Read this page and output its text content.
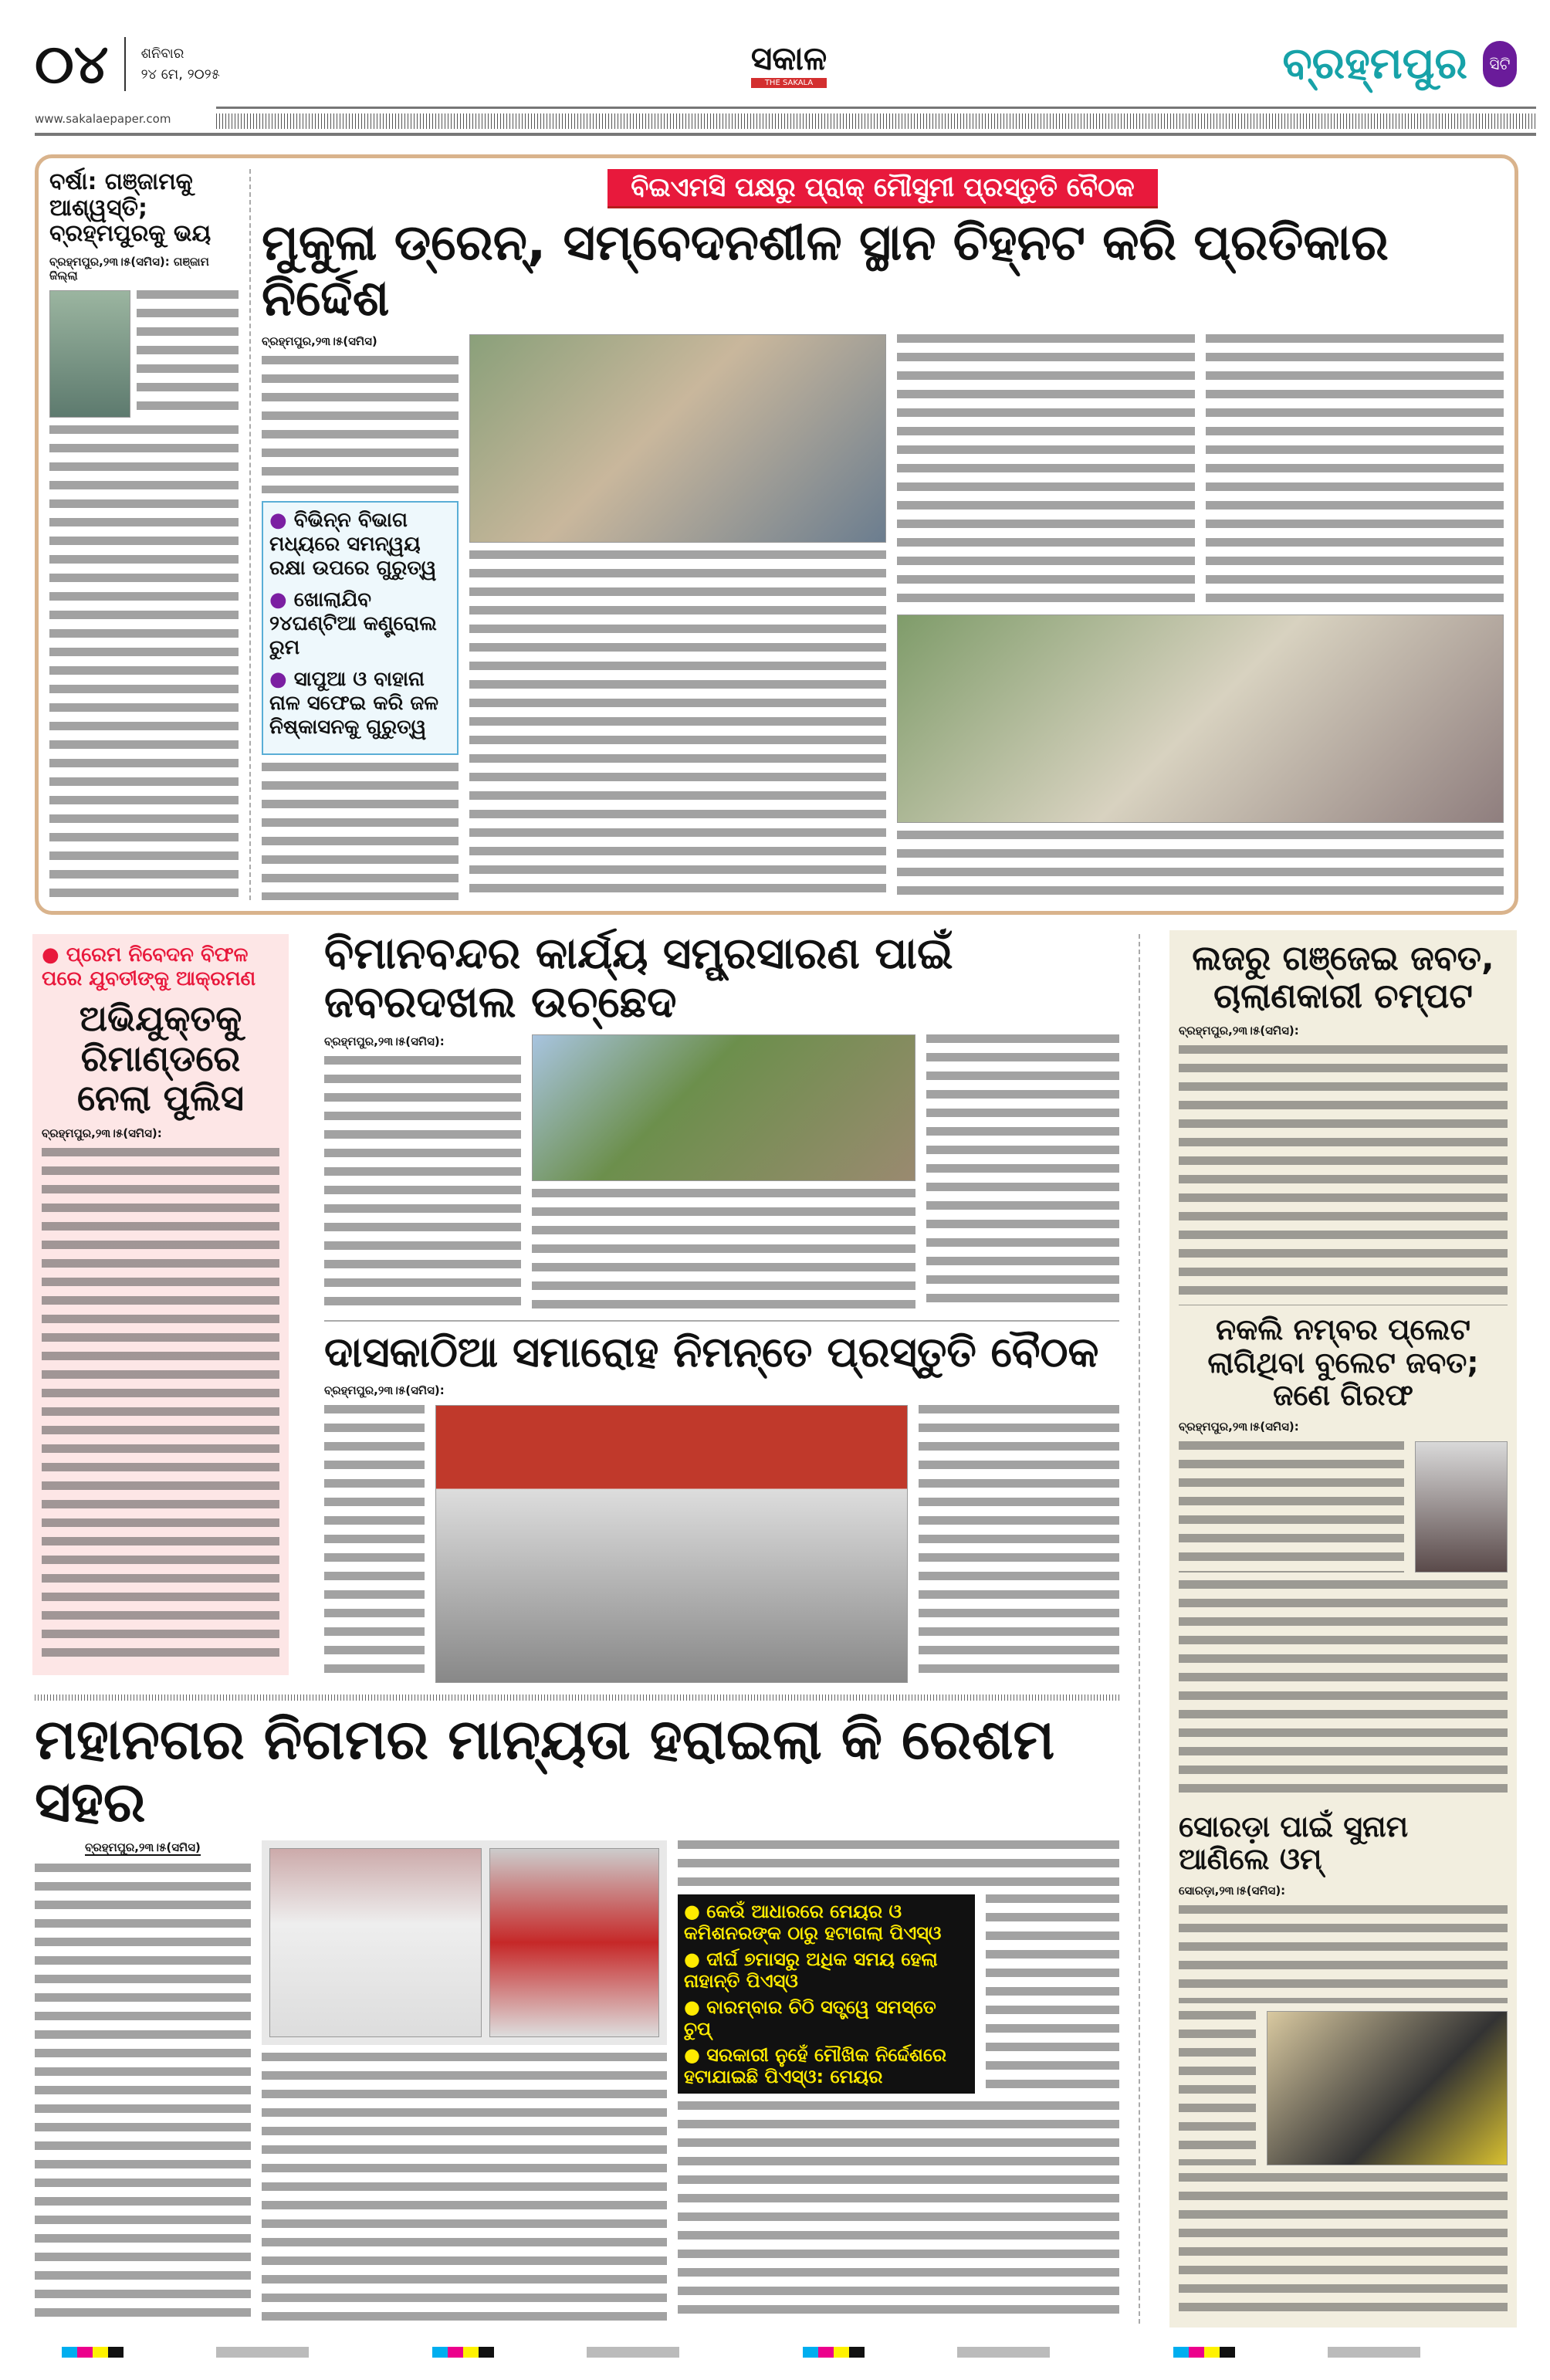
୦୪ ଶନିବାର
୨୪ ମେ, ୨୦୨୫	ସକାଳ
THE SAKALA	ବ୍ରହ୍ମପୁର	ସିଟି
www.sakalaepaper.com
ବର୍ଷା: ଗଞ୍ଜାମକୁ ଆଶ୍ୱସ୍ତି; ବ୍ରହ୍ମପୁରକୁ ଭୟ
ବ୍ରହ୍ମପୁର,୨୩।୫(ସମିସ): ଗଞ୍ଜାମ ଜିଲ୍ଲା
ବିଇଏମସି ପକ୍ଷରୁ ପ୍ରାକ୍ ମୌସୁମୀ ପ୍ରସ୍ତୁତି ବୈଠକ
ମୁକୁଳା ଡ୍ରେନ୍, ସମ୍ବେଦନଶୀଳ ସ୍ଥାନ ଚିହ୍ନଟ କରି ପ୍ରତିକାର ନିର୍ଦ୍ଦେଶ
ବ୍ରହ୍ମପୁର,୨୩।୫(ସମିସ)
● ବିଭିନ୍ନ ବିଭାଗ ମଧ୍ୟରେ ସମନ୍ୱୟ ରକ୍ଷା ଉପରେ ଗୁରୁତ୍ୱ
● ଖୋଲାଯିବ ୨୪ଘଣ୍ଟିଆ କଣ୍ଟ୍ରୋଲ ରୁମ
● ସାପୁଆ ଓ ବାହାନା ନାଳ ସଫେଇ କରି ଜଳ ନିଷ୍କାସନକୁ ଗୁରୁତ୍ୱ
● ପ୍ରେମ ନିବେଦନ ବିଫଳ ପରେ ଯୁବତୀଙ୍କୁ ଆକ୍ରମଣ
ଅଭିଯୁକ୍ତକୁ ରିମାଣ୍ଡରେ ନେଲା ପୁଲିସ
ବ୍ରହ୍ମପୁର,୨୩।୫(ସମିସ):
ବିମାନବନ୍ଦର କାର୍ଯ୍ୟ ସମ୍ପ୍ରସାରଣ ପାଇଁ ଜବରଦଖଲ ଉଚ୍ଛେଦ
ବ୍ରହ୍ମପୁର,୨୩।୫(ସମିସ):
ଦାସକାଠିଆ ସମାରୋହ ନିମନ୍ତେ ପ୍ରସ୍ତୁତି ବୈଠକ
ବ୍ରହ୍ମପୁର,୨୩।୫(ସମିସ):
ଲଜରୁ ଗଞ୍ଜେଇ ଜବତ, ଚାଲାଣକାରୀ ଚମ୍ପଟ
ବ୍ରହ୍ମପୁର,୨୩।୫(ସମିସ):
ନକଲି ନମ୍ବର ପ୍ଲେଟ ଲାଗିଥିବା ବୁଲେଟ ଜବତ; ଜଣେ ଗିରଫ
ବ୍ରହ୍ମପୁର,୨୩।୫(ସମିସ):
ସୋରଡ଼ା ପାଇଁ ସୁନାମ ଆଣିଲେ ଓମ୍
ସୋରଡ଼ା,୨୩।୫(ସମିସ):
ମହାନଗର ନିଗମର ମାନ୍ୟତା ହରାଇଲା କି ରେଶମ ସହର
ବ୍ରହ୍ମପୁର,୨୩।୫(ସମିସ)
● କେଉଁ ଆଧାରରେ ମେୟର ଓ କମିଶନରଙ୍କ ଠାରୁ ହଟାଗଲା ପିଏସ୍ଓ
● ଦୀର୍ଘ ୭ମାସରୁ ଅଧିକ ସମୟ ହେଲା ନାହାନ୍ତି ପିଏସ୍ଓ
● ବାରମ୍ବାର ଚିଠି ସତ୍ତ୍ୱେ ସମସ୍ତେ ଚୁପ୍
● ସରକାରୀ ନୁହେଁ ମୌଖିକ ନିର୍ଦ୍ଦେଶରେ ହଟାଯାଇଛି ପିଏସ୍ଓ: ମେୟର
